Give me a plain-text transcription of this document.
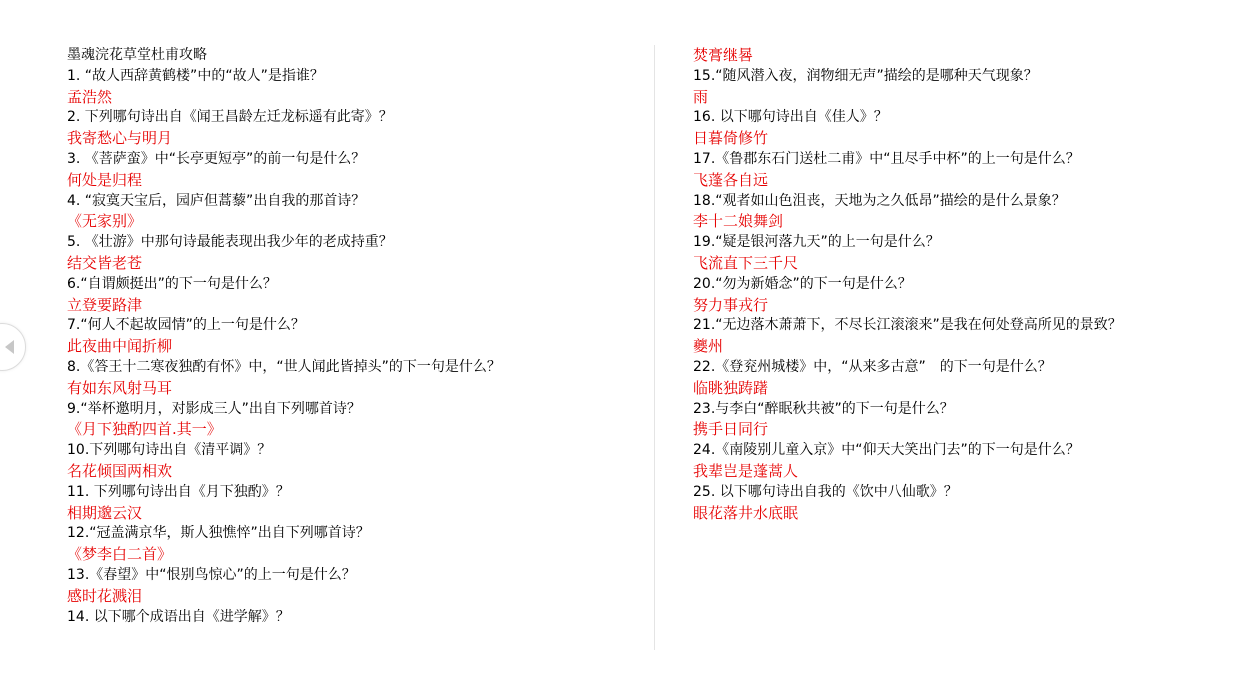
墨魂浣花草堂杜甫攻略
1. “故人西辞黄鹤楼”中的“故人”是指谁？
孟浩然
2. 下列哪句诗出自《闻王昌龄左迁龙标遥有此寄》？
我寄愁心与明月
3. 《菩萨蛮》中“长亭更短亭”的前一句是什么？
何处是归程
4. “寂寞天宝后，园庐但蒿藜”出自我的那首诗？
《无家别》
5. 《壮游》中那句诗最能表现出我少年的老成持重？
结交皆老苍
6.“自谓颇挺出”的下一句是什么？
立登要路津
7.“何人不起故园情”的上一句是什么？
此夜曲中闻折柳
8.《答王十二寒夜独酌有怀》中，“世人闻此皆掉头”的下一句是什么？
有如东风射马耳
9.“举杯邀明月，对影成三人”出自下列哪首诗？
《月下独酌四首.其一》
10.下列哪句诗出自《清平调》？
名花倾国两相欢
11. 下列哪句诗出自《月下独酌》？
相期邈云汉
12.“冠盖满京华，斯人独憔悴”出自下列哪首诗？
《梦李白二首》
13.《春望》中“恨别鸟惊心”的上一句是什么？
感时花溅泪
14. 以下哪个成语出自《进学解》？
焚膏继晷
15.“随风潜入夜，润物细无声”描绘的是哪种天气现象？
雨
16. 以下哪句诗出自《佳人》？
日暮倚修竹
17.《鲁郡东石门送杜二甫》中“且尽手中杯”的上一句是什么？
飞蓬各自远
18.“观者如山色沮丧，天地为之久低昂”描绘的是什么景象？
李十二娘舞剑
19.“疑是银河落九天”的上一句是什么？
飞流直下三千尺
20.“勿为新婚念”的下一句是什么？
努力事戎行
21.“无边落木萧萧下，不尽长江滚滚来”是我在何处登高所见的景致？
夔州
22.《登兖州城楼》中，“从来多古意”　的下一句是什么？
临眺独踌躇
23.与李白“醉眠秋共被”的下一句是什么？
携手日同行
24.《南陵别儿童入京》中“仰天大笑出门去”的下一句是什么？
我辈岂是蓬蒿人
25. 以下哪句诗出自我的《饮中八仙歌》？
眼花落井水底眠
